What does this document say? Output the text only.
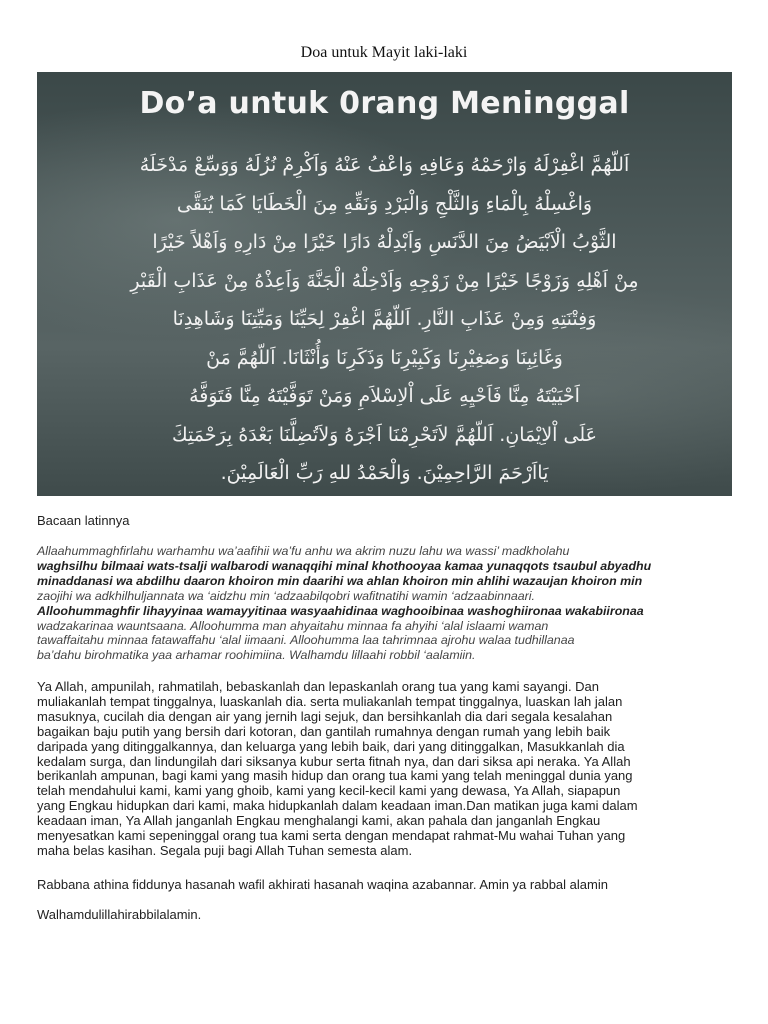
Doa untuk Mayit laki-laki
Do’a untuk 0rang Meninggal
اَللّهُمَّ اغْفِرْلَهُ وَارْحَمْهُ وَعَافِهِ وَاعْفُ عَنْهُ وَاَكْرِمْ نُزُلَهُ وَوَسِّعْ مَدْخَلَهُ
وَاغْسِلْهُ بِالْمَاءِ وَالثَّلْجِ وَالْبَرْدِ وَنَقِّهِ مِنَ الْخَطَايَا كَمَا يُنَقَّى
الثَّوْبُ الْاَبْيَضُ مِنَ الدَّنَسِ وَاَبْدِلْهُ دَارًا خَيْرًا مِنْ دَارِهِ وَاَهْلاً خَيْرًا
مِنْ اَهْلِهِ وَزَوْجًا خَيْرًا مِنْ زَوْجِهِ وَاَدْخِلْهُ الْجَنَّةَ وَاَعِذْهُ مِنْ عَذَابِ الْقَبْرِ
وَفِتْنَتِهِ وَمِنْ عَذَابِ النَّارِ. اَللّهُمَّ اغْفِرْ لِحَيِّنَا وَمَيِّتِنَا وَشَاهِدِنَا
وَغَائِبِنَا وَصَغِيْرِنَا وَكَبِيْرِنَا وَذَكَرِنَا وَأُنْثَانَا. اَللّهُمَّ مَنْ
اَحْيَيْتَهُ مِنَّا فَاَحْيِهِ عَلَى اْلاِسْلاَمِ وَمَنْ تَوَفَّيْتَهُ مِنَّا فَتَوَفَّهُ
عَلَى اْلاِيْمَانِ. اَللّهُمَّ لاَتَحْرِمْنَا اَجْرَهُ وَلاَتُضِلَّنَا بَعْدَهُ بِرَحْمَتِكَ
يَااَرْحَمَ الرَّاحِمِيْنَ. وَالْحَمْدُ للهِ رَبِّ الْعَالَمِيْنَ.
Bacaan latinnya
Allaahummaghfirlahu warhamhu wa’aafihii wa’fu anhu wa akrim nuzu lahu wa wassi’ madkholahu
waghsilhu bilmaai wats-tsalji walbarodi wanaqqihi minal khothooyaa kamaa yunaqqots tsaubul abyadhu
minaddanasi wa abdilhu daaron khoiron min daarihi wa ahlan khoiron min ahlihi wazaujan khoiron min
zaojihi wa adkhilhuljannata wa ‘aidzhu min ‘adzaabilqobri wafitnatihi wamin ‘adzaabinnaari.
Alloohummaghfir lihayyinaa wamayyitinaa wasyaahidinaa waghooibinaa washoghiironaa wakabiironaa
wadzakarinaa wauntsaana. Alloohumma man ahyaitahu minnaa fa ahyihi ‘alal islaami waman
tawaffaitahu minnaa fatawaffahu ‘alal iimaani. Alloohumma laa tahrimnaa ajrohu walaa tudhillanaa
ba’dahu birohmatika yaa arhamar roohimiina. Walhamdu lillaahi robbil ‘aalamiin.
Ya Allah, ampunilah, rahmatilah, bebaskanlah dan lepaskanlah orang tua yang kami sayangi. Dan
muliakanlah tempat tinggalnya, luaskanlah dia. serta muliakanlah tempat tinggalnya, luaskan lah jalan
masuknya, cucilah dia dengan air yang jernih lagi sejuk, dan bersihkanlah dia dari segala kesalahan
bagaikan baju putih yang bersih dari kotoran, dan gantilah rumahnya dengan rumah yang lebih baik
daripada yang ditinggalkannya, dan keluarga yang lebih baik, dari yang ditinggalkan, Masukkanlah dia
kedalam surga, dan lindungilah dari siksanya kubur serta fitnah nya, dan dari siksa api neraka. Ya Allah
berikanlah ampunan, bagi kami yang masih hidup dan orang tua kami yang telah meninggal dunia yang
telah mendahului kami, kami yang ghoib, kami yang kecil-kecil kami yang dewasa, Ya Allah, siapapun
yang Engkau hidupkan dari kami, maka hidupkanlah dalam keadaan iman.Dan matikan juga kami dalam
keadaan iman, Ya Allah janganlah Engkau menghalangi kami, akan pahala dan janganlah Engkau
menyesatkan kami sepeninggal orang tua kami serta dengan mendapat rahmat-Mu wahai Tuhan yang
maha belas kasihan. Segala puji bagi Allah Tuhan semesta alam.
Rabbana athina fiddunya hasanah wafil akhirati hasanah waqina azabannar. Amin ya rabbal alamin
Walhamdulillahirabbilalamin.
